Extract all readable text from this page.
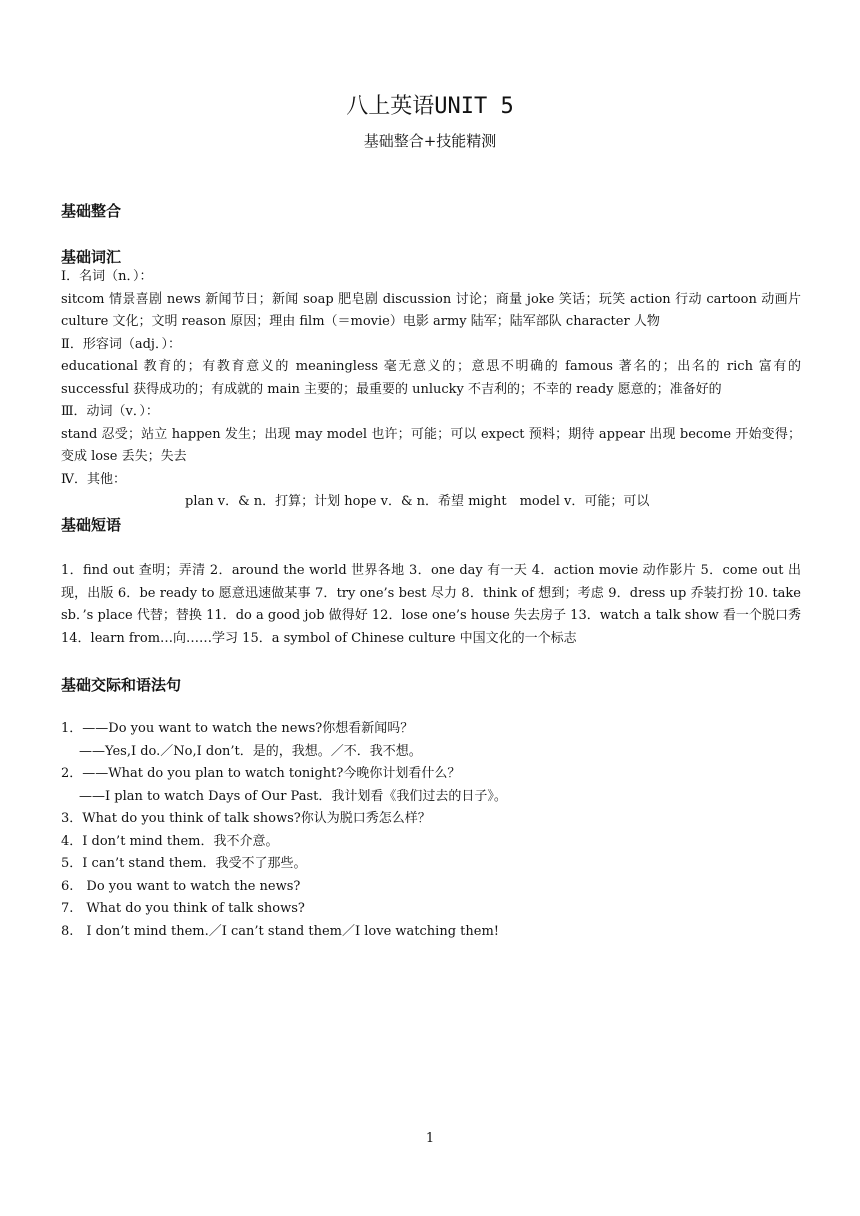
八上英语UNIT 5
基础整合+技能精测
基础整合
基础词汇

I．名词（n．）：

sitcom 情景喜剧 news 新闻节日；新闻 soap 肥皂剧 discussion 讨论；商量 joke 笑话；玩笑 action 行动 cartoon 动画片 culture 文化；文明 reason 原因；理由 film（＝movie）电影 army 陆军；陆军部队 character 人物

Ⅱ．形容词（adj．）：

educational 教育的；有教育意义的 meaningless 毫无意义的；意思不明确的 famous 著名的；出名的 rich 富有的 successful 获得成功的；有成就的 main 主要的；最重要的 unlucky 不吉利的；不幸的 ready 愿意的；准备好的

Ⅲ．动词（v．）：

stand 忍受；站立 happen 发生；出现 may model 也许；可能；可以 expect 预料；期待 appear 出现 become 开始变得；变成 lose 丢失；失去

Ⅳ．其他：

plan v．& n．打算；计划 hope v．& n．希望 might　model v．可能；可以

基础短语

1．find out 查明；弄清 2．around the world 世界各地 3．one day 有一天 4．action movie 动作影片 5．come out 出现，出版 6．be ready to 愿意迅速做某事 7．try one’s best 尽力 8．think of 想到；考虑 9．dress up 乔装打扮 10. take sb．’s place 代替；替换 11．do a good job 做得好 12．lose one’s house 失去房子 13．watch a talk show 看一个脱口秀 14．learn from…向……学习 15．a symbol of Chinese culture 中国文化的一个标志

基础交际和语法句

1．——Do you want to watch the news?你想看新闻吗？

——Yes,I do.／No,I don’t．是的，我想。／不．我不想。

2．——What do you plan to watch tonight?今晚你计划看什么？

——I plan to watch Days of Our Past．我计划看《我们过去的日子》。

3．What do you think of talk shows?你认为脱口秀怎么样？

4．I don’t mind them．我不介意。

5．I can’t stand them．我受不了那些。

6.　Do you want to watch the news?

7.　What do you think of talk shows?

8.　I don’t mind them.／I can’t stand them／I love watching them!

1
